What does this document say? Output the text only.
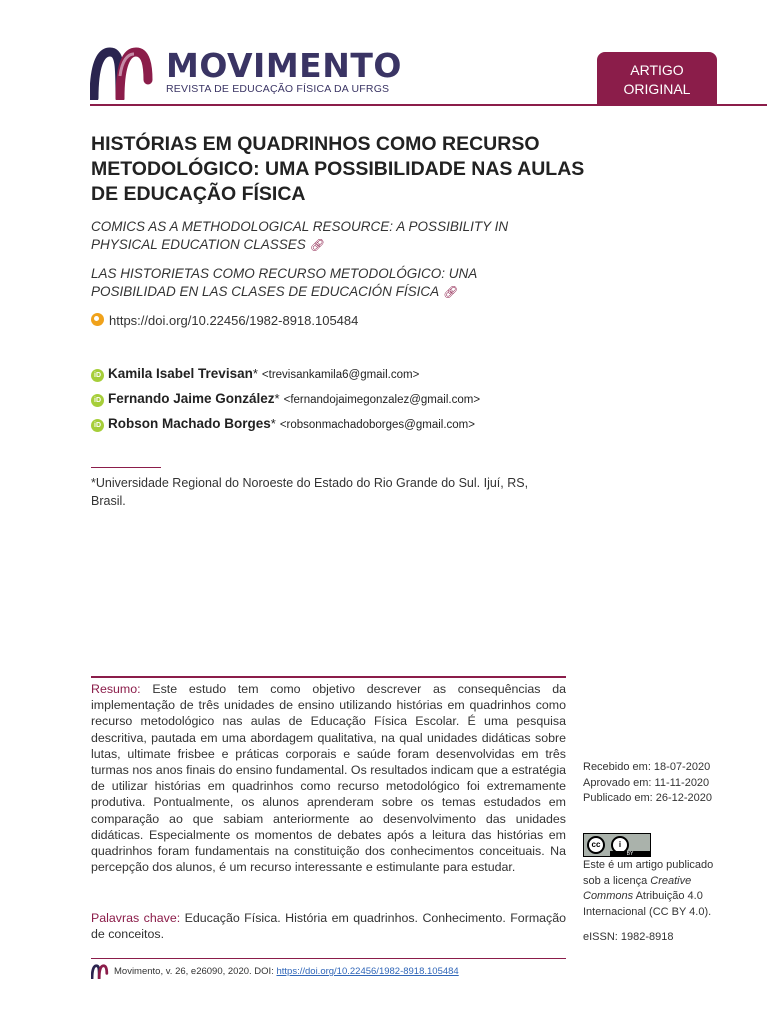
MOVIMENTO
REVISTA DE EDUCAÇÃO FÍSICA DA UFRGS
ARTIGO
ORIGINAL
HISTÓRIAS EM QUADRINHOS COMO RECURSO METODOLÓGICO: UMA POSSIBILIDADE NAS AULAS DE EDUCAÇÃO FÍSICA
COMICS AS A METHODOLOGICAL RESOURCE: A POSSIBILITY IN PHYSICAL EDUCATION CLASSES 🔗︎
LAS HISTORIETAS COMO RECURSO METODOLÓGICO: UNA POSIBILIDAD EN LAS CLASES DE EDUCACIÓN FÍSICA 🔗︎
https://doi.org/10.22456/1982-8918.105484
iD Kamila Isabel Trevisan* <trevisankamila6@gmail.com>
iD Fernando Jaime González* <fernandojaimegonzalez@gmail.com>
iD Robson Machado Borges* <robsonmachadoborges@gmail.com>
*Universidade Regional do Noroeste do Estado do Rio Grande do Sul. Ijuí, RS, Brasil.
Resumo: Este estudo tem como objetivo descrever as consequências da implementação de três unidades de ensino utilizando histórias em quadrinhos como recurso metodológico nas aulas de Educação Física Escolar. É uma pesquisa descritiva, pautada em uma abordagem qualitativa, na qual unidades didáticas sobre lutas, ultimate frisbee e práticas corporais e saúde foram desenvolvidas em três turmas nos anos finais do ensino fundamental. Os resultados indicam que a estratégia de utilizar histórias em quadrinhos como recurso metodológico foi extremamente produtiva. Pontualmente, os alunos aprenderam sobre os temas estudados em comparação ao que sabiam anteriormente ao desenvolvimento das unidades didáticas. Especialmente os momentos de debates após a leitura das histórias em quadrinhos foram fundamentais na constituição dos conhecimentos conceituais. Na percepção dos alunos, é um recurso interessante e estimulante para estudar.
Palavras chave: Educação Física. História em quadrinhos. Conhecimento. Formação de conceitos.
Recebido em: 18-07-2020
Aprovado em: 11-11-2020
Publicado em: 26-12-2020
cc	i
BY
Este é um artigo publicado sob a licença Creative Commons Atribuição 4.0 Internacional (CC BY 4.0).
eISSN: 1982-8918
Movimento, v. 26, e26090, 2020. DOI: https://doi.org/10.22456/1982-8918.105484
